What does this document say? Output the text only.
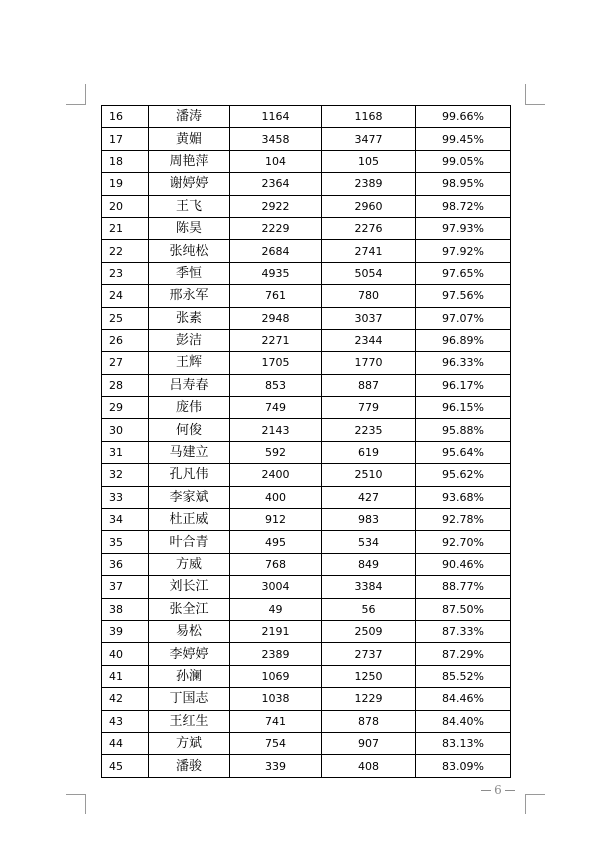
16	潘涛	1164	1168	99.66%
17	黄媚	3458	3477	99.45%
18	周艳萍	104	105	99.05%
19	谢婷婷	2364	2389	98.95%
20	王飞	2922	2960	98.72%
21	陈昊	2229	2276	97.93%
22	张纯松	2684	2741	97.92%
23	季恒	4935	5054	97.65%
24	邢永军	761	780	97.56%
25	张素	2948	3037	97.07%
26	彭洁	2271	2344	96.89%
27	王辉	1705	1770	96.33%
28	吕寿春	853	887	96.17%
29	庞伟	749	779	96.15%
30	何俊	2143	2235	95.88%
31	马建立	592	619	95.64%
32	孔凡伟	2400	2510	95.62%
33	李家斌	400	427	93.68%
34	杜正威	912	983	92.78%
35	叶合青	495	534	92.70%
36	方威	768	849	90.46%
37	刘长江	3004	3384	88.77%
38	张全江	49	56	87.50%
39	易松	2191	2509	87.33%
40	李婷婷	2389	2737	87.29%
41	孙澜	1069	1250	85.52%
42	丁国志	1038	1229	84.46%
43	王红生	741	878	84.40%
44	方斌	754	907	83.13%
45	潘骏	339	408	83.09%
6
